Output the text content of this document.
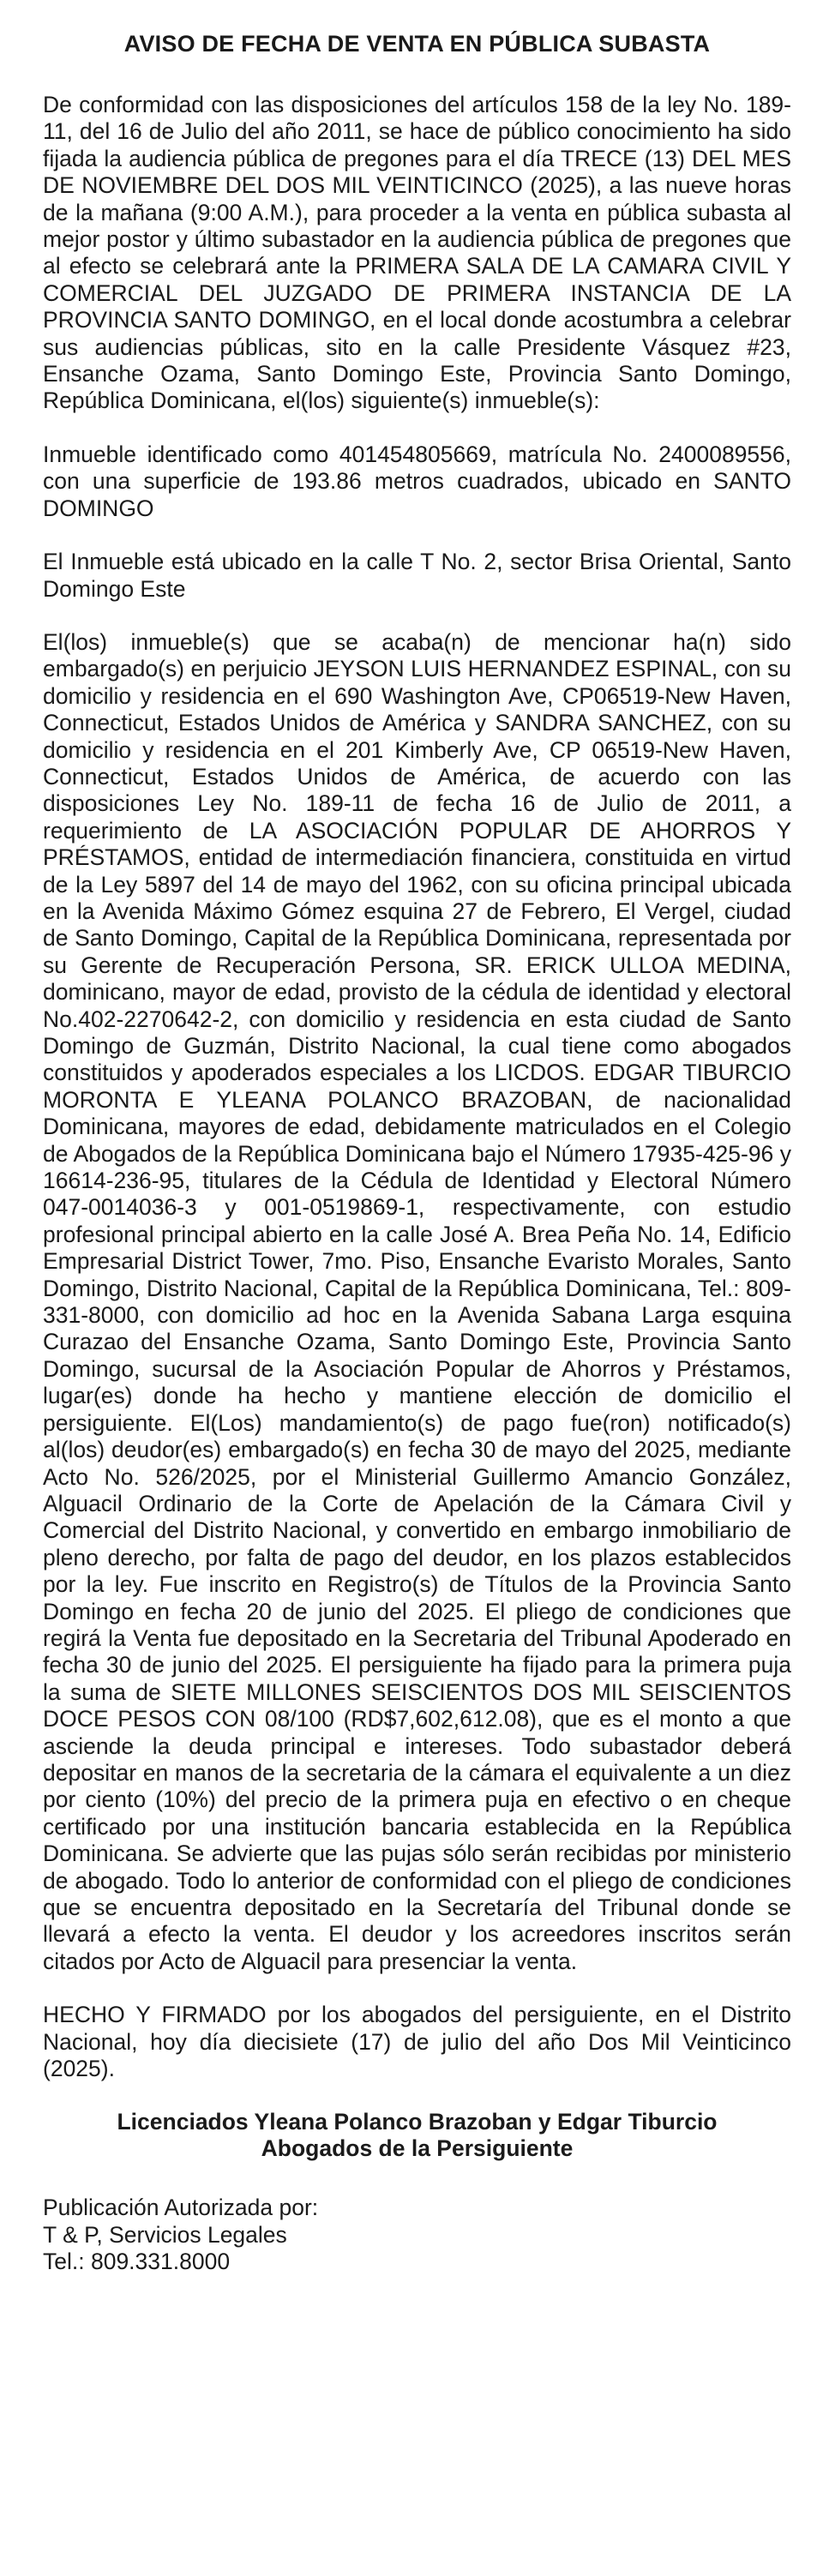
AVISO DE FECHA DE VENTA EN PÚBLICA SUBASTA

De conformidad con las disposiciones del artículos 158 de la ley No. 189-11, del 16 de Julio del año 2011, se hace de público conocimiento ha sido fijada la audiencia pública de pregones para el día TRECE (13) DEL MES DE NOVIEMBRE DEL DOS MIL VEINTICINCO (2025), a las nueve horas de la mañana (9:00 A.M.), para proceder a la venta en pública subasta al mejor postor y último subastador en la audiencia pública de pregones que al efecto se celebrará ante la PRIMERA SALA DE LA CAMARA CIVIL Y COMERCIAL DEL JUZGADO DE PRIMERA INSTANCIA DE LA PROVINCIA SANTO DOMINGO, en el local donde acostumbra a celebrar sus audiencias públicas, sito en la calle Presidente Vásquez #23, Ensanche Ozama, Santo Domingo Este, Provincia Santo Domingo, República Dominicana, el(los) siguiente(s) inmueble(s):

Inmueble identificado como 401454805669, matrícula No. 2400089556, con una superficie de 193.86 metros cuadrados, ubicado en SANTO DOMINGO

El Inmueble está ubicado en la calle T No. 2, sector Brisa Oriental, Santo Domingo Este

El(los) inmueble(s) que se acaba(n) de mencionar ha(n) sido embargado(s) en perjuicio JEYSON LUIS HERNANDEZ ESPINAL, con su domicilio y residencia en el 690 Washington Ave, CP06519-New Haven, Connecticut, Estados Unidos de América y SANDRA SANCHEZ, con su domicilio y residencia en el 201 Kimberly Ave, CP 06519-New Haven, Connecticut, Estados Unidos de América, de acuerdo con las disposiciones Ley No. 189-11 de fecha 16 de Julio de 2011, a requerimiento de LA ASOCIACIÓN POPULAR DE AHORROS Y PRÉSTAMOS, entidad de intermediación financiera, constituida en virtud de la Ley 5897 del 14 de mayo del 1962, con su oficina principal ubicada en la Avenida Máximo Gómez esquina 27 de Febrero, El Vergel, ciudad de Santo Domingo, Capital de la República Dominicana, representada por su Gerente de Recuperación Persona, SR. ERICK ULLOA MEDINA, dominicano, mayor de edad, provisto de la cédula de identidad y electoral No.402-2270642-2, con domicilio y residencia en esta ciudad de Santo Domingo de Guzmán, Distrito Nacional, la cual tiene como abogados constituidos y apoderados especiales a los LICDOS. EDGAR TIBURCIO MORONTA E YLEANA POLANCO BRAZOBAN, de nacionalidad Dominicana, mayores de edad, debidamente matriculados en el Colegio de Abogados de la República Dominicana bajo el Número 17935-425-96 y 16614-236-95, titulares de la Cédula de Identidad y Electoral Número 047-0014036-3 y 001-0519869-1, respectivamente, con estudio profesional principal abierto en la calle José A. Brea Peña No. 14, Edificio Empresarial District Tower, 7mo. Piso, Ensanche Evaristo Morales, Santo Domingo, Distrito Nacional, Capital de la República Dominicana, Tel.: 809-331-8000, con domicilio ad hoc en la Avenida Sabana Larga esquina Curazao del Ensanche Ozama, Santo Domingo Este, Provincia Santo Domingo, sucursal de la Asociación Popular de Ahorros y Préstamos, lugar(es) donde ha hecho y mantiene elección de domicilio el persiguiente. El(Los) mandamiento(s) de pago fue(ron) notificado(s) al(los) deudor(es) embargado(s) en fecha 30 de mayo del 2025, mediante Acto No. 526/2025, por el Ministerial Guillermo Amancio González, Alguacil Ordinario de la Corte de Apelación de la Cámara Civil y Comercial del Distrito Nacional, y convertido en embargo inmobiliario de pleno derecho, por falta de pago del deudor, en los plazos establecidos por la ley. Fue inscrito en Registro(s) de Títulos de la Provincia Santo Domingo en fecha 20 de junio del 2025. El pliego de condiciones que regirá la Venta fue depositado en la Secretaria del Tribunal Apoderado en fecha 30 de junio del 2025. El persiguiente ha fijado para la primera puja la suma de SIETE MILLONES SEISCIENTOS DOS MIL SEISCIENTOS DOCE PESOS CON 08/100 (RD$7,602,612.08), que es el monto a que asciende la deuda principal e intereses. Todo subastador deberá depositar en manos de la secretaria de la cámara el equivalente a un diez por ciento (10%) del precio de la primera puja en efectivo o en cheque certificado por una institución bancaria establecida en la República Dominicana. Se advierte que las pujas sólo serán recibidas por ministerio de abogado. Todo lo anterior de conformidad con el pliego de condiciones que se encuentra depositado en la Secretaría del Tribunal donde se llevará a efecto la venta. El deudor y los acreedores inscritos serán citados por Acto de Alguacil para presenciar la venta.

HECHO Y FIRMADO por los abogados del persiguiente, en el Distrito Nacional, hoy día diecisiete (17) de julio del año Dos Mil Veinticinco (2025).

Licenciados Yleana Polanco Brazoban y Edgar Tiburcio
Abogados de la Persiguiente
Publicación Autorizada por:
T & P, Servicios Legales
Tel.: 809.331.8000
